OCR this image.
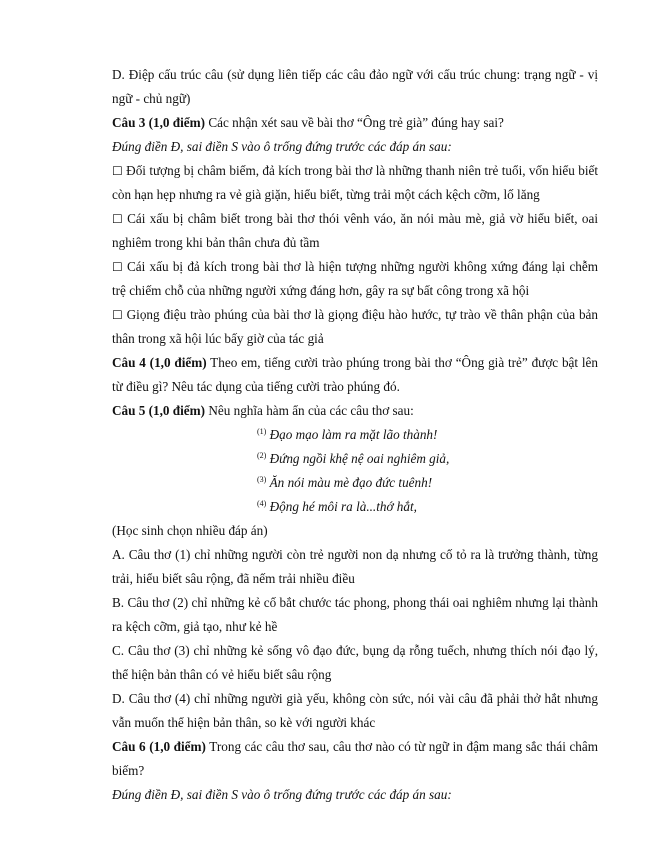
D. Điệp cấu trúc câu (sử dụng liên tiếp các câu đảo ngữ với cấu trúc chung: trạng ngữ - vị ngữ - chủ ngữ)

Câu 3 (1,0 điểm) Các nhận xét sau về bài thơ “Ông trẻ già” đúng hay sai?

Đúng điền Đ, sai điền S vào ô trống đứng trước các đáp án sau:

☐ Đối tượng bị châm biếm, đả kích trong bài thơ là những thanh niên trẻ tuổi, vốn hiểu biết còn hạn hẹp nhưng ra vẻ già giặn, hiểu biết, từng trải một cách kệch cỡm, lố lăng

☐ Cái xấu bị châm biết trong bài thơ thói vênh váo, ăn nói màu mè, giả vờ hiểu biết, oai nghiêm trong khi bản thân chưa đủ tầm

☐ Cái xấu bị đả kích trong bài thơ là hiện tượng những người không xứng đáng lại chễm trệ chiếm chỗ của những người xứng đáng hơn, gây ra sự bất công trong xã hội

☐ Giọng điệu trào phúng của bài thơ là giọng điệu hào hước, tự trào về thân phận của bản thân trong xã hội lúc bấy giờ của tác giả

Câu 4 (1,0 điểm) Theo em, tiếng cười trào phúng trong bài thơ “Ông già trẻ” được bật lên từ điều gì? Nêu tác dụng của tiếng cười trào phúng đó.

Câu 5 (1,0 điểm) Nêu nghĩa hàm ẩn của các câu thơ sau:

$^{(1)}$ Đạo mạo làm ra mặt lão thành!

$^{(2)}$ Đứng ngồi khệ nệ oai nghiêm giả,

$^{(3)}$ Ăn nói màu mè đạo đức tuênh!

$^{(4)}$ Động hé môi ra là...thớ hắt,

(Học sinh chọn nhiều đáp án)

A. Câu thơ (1) chỉ những người còn trẻ người non dạ nhưng cố tỏ ra là trưởng thành, từng trải, hiểu biết sâu rộng, đã nếm trải nhiều điều

B. Câu thơ (2) chỉ những kẻ cố bắt chước tác phong, phong thái oai nghiêm nhưng lại thành ra kệch cỡm, giả tạo, như kẻ hề

C. Câu thơ (3) chỉ những kẻ sống vô đạo đức, bụng dạ rỗng tuếch, nhưng thích nói đạo lý, thể hiện bản thân có vẻ hiểu biết sâu rộng

D. Câu thơ (4) chỉ những người già yếu, không còn sức, nói vài câu đã phải thở hắt nhưng vẫn muốn thể hiện bản thân, so kè với người khác

Câu 6 (1,0 điểm) Trong các câu thơ sau, câu thơ nào có từ ngữ in đậm mang sắc thái châm biếm?

Đúng điền Đ, sai điền S vào ô trống đứng trước các đáp án sau:
